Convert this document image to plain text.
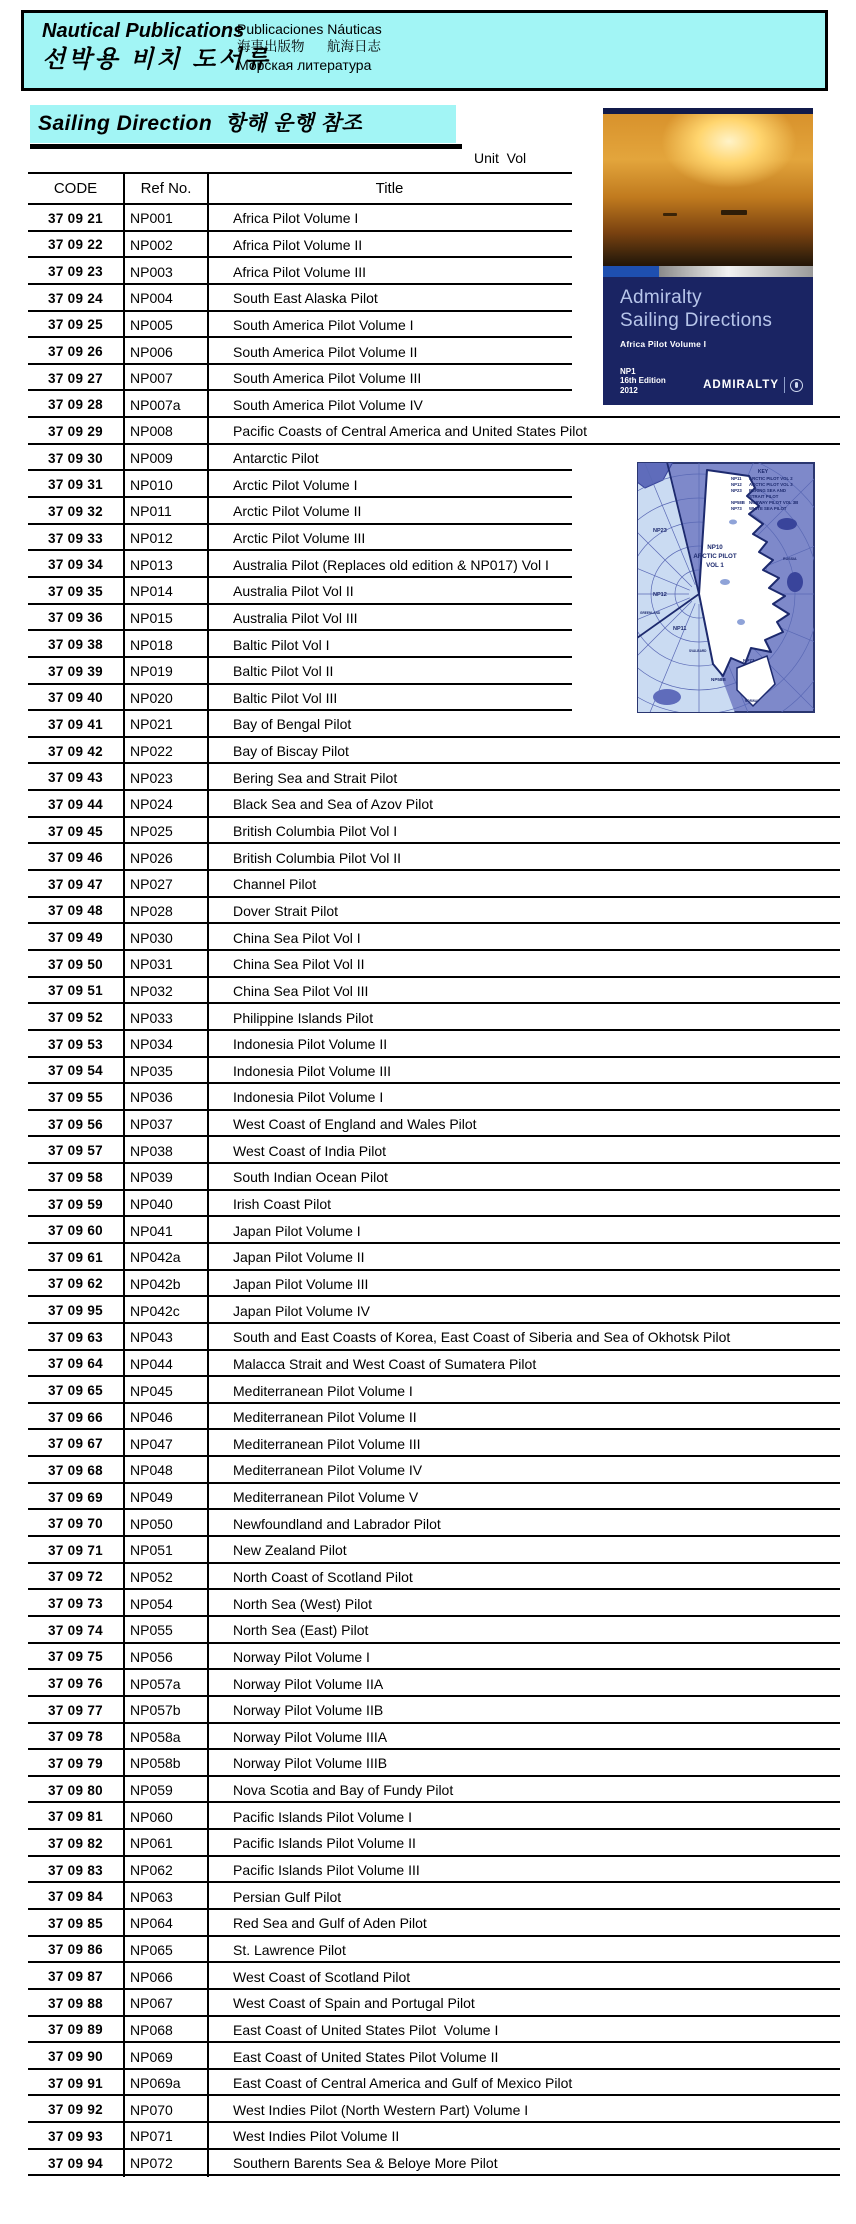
Nautical Publications
선박용 비치 도서류
Publicaciones Náuticas
海事出版物      航海日志
Морская литература
Sailing Direction  항해 운행 참조
Unit  Vol
CODE	Ref No.	Title
37 09 21	NP001	Africa Pilot Volume I
37 09 22	NP002	Africa Pilot Volume II
37 09 23	NP003	Africa Pilot Volume III
37 09 24	NP004	South East Alaska Pilot
37 09 25	NP005	South America Pilot Volume I
37 09 26	NP006	South America Pilot Volume II
37 09 27	NP007	South America Pilot Volume III
37 09 28	NP007a	South America Pilot Volume IV
37 09 29	NP008	Pacific Coasts of Central America and United States Pilot
37 09 30	NP009	Antarctic Pilot
37 09 31	NP010	Arctic Pilot Volume I
37 09 32	NP011	Arctic Pilot Volume II
37 09 33	NP012	Arctic Pilot Volume III
37 09 34	NP013	Australia Pilot (Replaces old edition & NP017) Vol I
37 09 35	NP014	Australia Pilot Vol II
37 09 36	NP015	Australia Pilot Vol III
37 09 38	NP018	Baltic Pilot Vol I
37 09 39	NP019	Baltic Pilot Vol II
37 09 40	NP020	Baltic Pilot Vol III
37 09 41	NP021	Bay of Bengal Pilot
37 09 42	NP022	Bay of Biscay Pilot
37 09 43	NP023	Bering Sea and Strait Pilot
37 09 44	NP024	Black Sea and Sea of Azov Pilot
37 09 45	NP025	British Columbia Pilot Vol I
37 09 46	NP026	British Columbia Pilot Vol II
37 09 47	NP027	Channel Pilot
37 09 48	NP028	Dover Strait Pilot
37 09 49	NP030	China Sea Pilot Vol I
37 09 50	NP031	China Sea Pilot Vol II
37 09 51	NP032	China Sea Pilot Vol III
37 09 52	NP033	Philippine Islands Pilot
37 09 53	NP034	Indonesia Pilot Volume II
37 09 54	NP035	Indonesia Pilot Volume III
37 09 55	NP036	Indonesia Pilot Volume I
37 09 56	NP037	West Coast of England and Wales Pilot
37 09 57	NP038	West Coast of India Pilot
37 09 58	NP039	South Indian Ocean Pilot
37 09 59	NP040	Irish Coast Pilot
37 09 60	NP041	Japan Pilot Volume I
37 09 61	NP042a	Japan Pilot Volume II
37 09 62	NP042b	Japan Pilot Volume III
37 09 95	NP042c	Japan Pilot Volume IV
37 09 63	NP043	South and East Coasts of Korea, East Coast of Siberia and Sea of Okhotsk Pilot
37 09 64	NP044	Malacca Strait and West Coast of Sumatera Pilot
37 09 65	NP045	Mediterranean Pilot Volume I
37 09 66	NP046	Mediterranean Pilot Volume II
37 09 67	NP047	Mediterranean Pilot Volume III
37 09 68	NP048	Mediterranean Pilot Volume IV
37 09 69	NP049	Mediterranean Pilot Volume V
37 09 70	NP050	Newfoundland and Labrador Pilot
37 09 71	NP051	New Zealand Pilot
37 09 72	NP052	North Coast of Scotland Pilot
37 09 73	NP054	North Sea (West) Pilot
37 09 74	NP055	North Sea (East) Pilot
37 09 75	NP056	Norway Pilot Volume I
37 09 76	NP057a	Norway Pilot Volume IIA
37 09 77	NP057b	Norway Pilot Volume IIB
37 09 78	NP058a	Norway Pilot Volume IIIA
37 09 79	NP058b	Norway Pilot Volume IIIB
37 09 80	NP059	Nova Scotia and Bay of Fundy Pilot
37 09 81	NP060	Pacific Islands Pilot Volume I
37 09 82	NP061	Pacific Islands Pilot Volume II
37 09 83	NP062	Pacific Islands Pilot Volume III
37 09 84	NP063	Persian Gulf Pilot
37 09 85	NP064	Red Sea and Gulf of Aden Pilot
37 09 86	NP065	St. Lawrence Pilot
37 09 87	NP066	West Coast of Scotland Pilot
37 09 88	NP067	West Coast of Spain and Portugal Pilot
37 09 89	NP068	East Coast of United States Pilot  Volume I
37 09 90	NP069	East Coast of United States Pilot Volume II
37 09 91	NP069a	East Coast of Central America and Gulf of Mexico Pilot
37 09 92	NP070	West Indies Pilot (North Western Part) Volume I
37 09 93	NP071	West Indies Pilot Volume II
37 09 94	NP072	Southern Barents Sea & Beloye More Pilot
Admiralty
Sailing Directions
Africa Pilot Volume I
NP1
16th Edition
2012	ADMIRALTY
KEY
NP11 ARCTIC PILOT VOL 2
NP12 ARCTIC PILOT VOL 3
NP23 BERING SEA AND
STRAIT PILOT
NP58B NORWAY PILOT VOL 3B
NP73 WHITE SEA PILOT
NP10
ARCTIC PILOT
VOL 1
NP23
NP12
NP11
NP73
NP58B
RUSSIA
GREENLAND
SVALBARD
NORWAY
